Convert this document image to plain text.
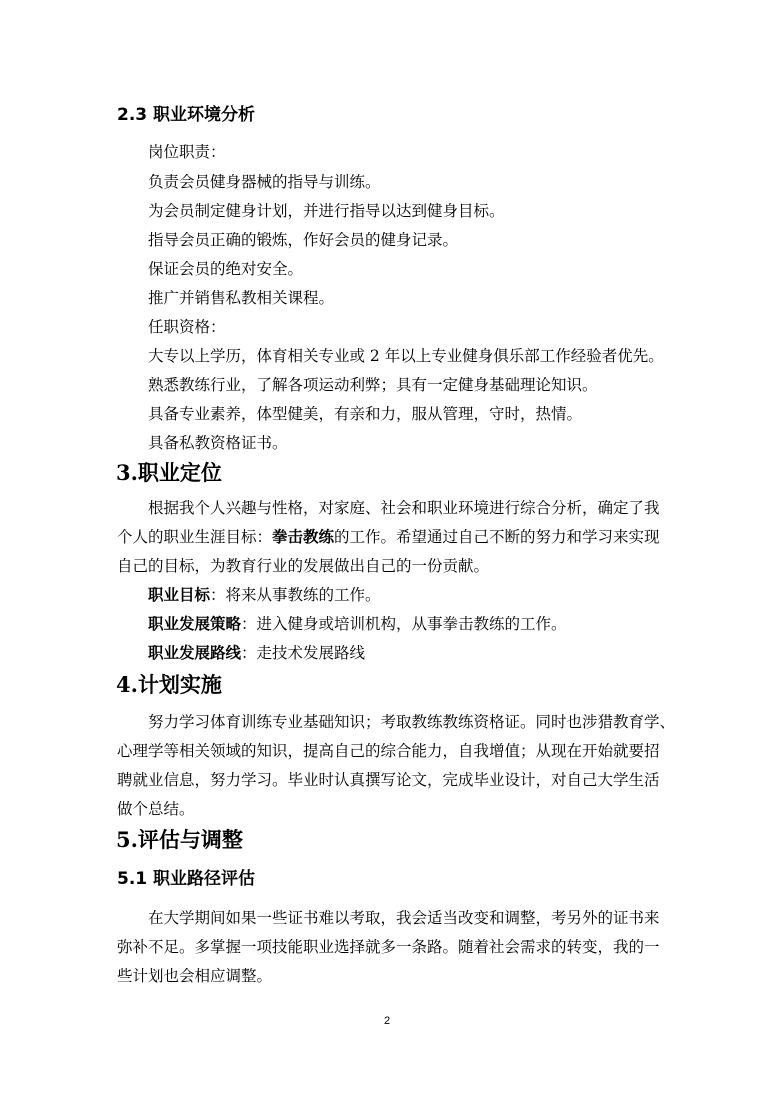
2.3 职业环境分析
岗位职责：
负责会员健身器械的指导与训练。
为会员制定健身计划，并进行指导以达到健身目标。
指导会员正确的锻炼，作好会员的健身记录。
保证会员的绝对安全。
推广并销售私教相关课程。
任职资格：
大专以上学历，体育相关专业或 2 年以上专业健身俱乐部工作经验者优先。
熟悉教练行业，了解各项运动利弊；具有一定健身基础理论知识。
具备专业素养，体型健美，有亲和力，服从管理，守时，热情。
具备私教资格证书。
3.职业定位
根据我个人兴趣与性格，对家庭、社会和职业环境进行综合分析，确定了我
个人的职业生涯目标：拳击教练的工作。希望通过自己不断的努力和学习来实现
自己的目标，为教育行业的发展做出自己的一份贡献。
职业目标：将来从事教练的工作。
职业发展策略：进入健身或培训机构，从事拳击教练的工作。
职业发展路线：走技术发展路线
4.计划实施
努力学习体育训练专业基础知识；考取教练教练资格证。同时也涉猎教育学、
心理学等相关领域的知识，提高自己的综合能力，自我增值；从现在开始就要招
聘就业信息，努力学习。毕业时认真撰写论文，完成毕业设计，对自己大学生活
做个总结。
5.评估与调整
5.1 职业路径评估
在大学期间如果一些证书难以考取，我会适当改变和调整，考另外的证书来
弥补不足。多掌握一项技能职业选择就多一条路。随着社会需求的转变，我的一
些计划也会相应调整。
2
